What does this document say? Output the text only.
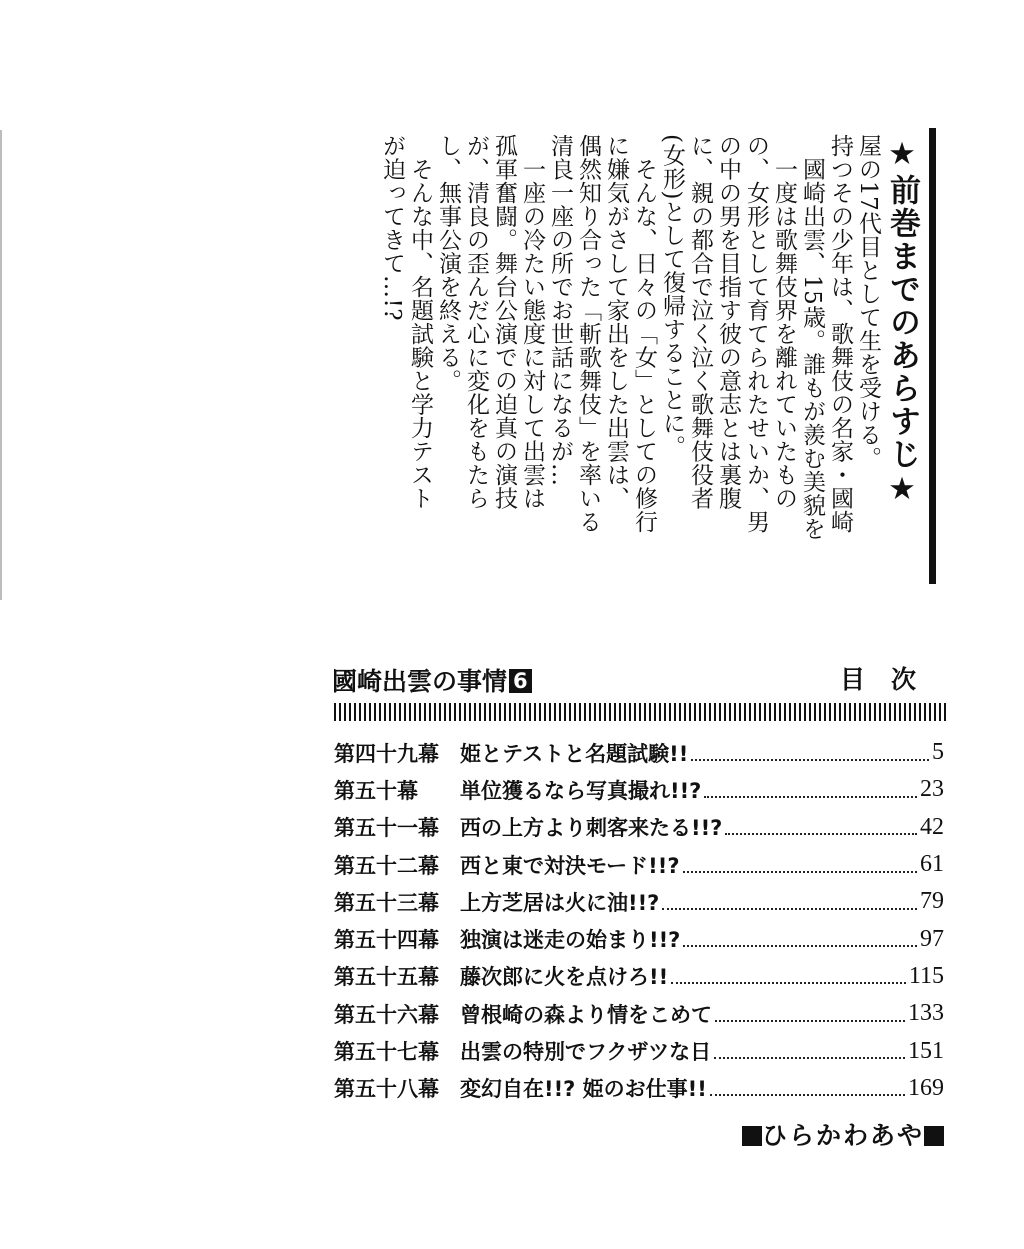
屋の17代目として生を受ける。
持つその少年は、歌舞伎の名家・國崎
　國崎出雲、15歳。誰もが羨む美貌を
　一度は歌舞伎界を離れていたもの
の、女形として育てられたせいか、男
の中の男を目指す彼の意志とは裏腹
に、親の都合で泣く泣く歌舞伎役者
(女形)として復帰することに。
　そんな、日々の「女」としての修行
に嫌気がさして家出をした出雲は、
偶然知り合った「斬歌舞伎」を率いる
清良一座の所でお世話になるが…
　一座の冷たい態度に対して出雲は
孤軍奮闘。舞台公演での迫真の演技
が、清良の歪んだ心に変化をもたら
し、無事公演を終える。
　そんな中、名題試験と学力テスト
が迫ってきて…!?	★前巻までのあらすじ★
國崎出雲の事情 6	目次
第四十九幕	姫とテストと名題試験!!	5
第五十幕	単位獲るなら写真撮れ!!?	23
第五十一幕	西の上方より刺客来たる!!?	42
第五十二幕	西と東で対決モード!!?	61
第五十三幕	上方芝居は火に油!!?	79
第五十四幕	独演は迷走の始まり!!?	97
第五十五幕	藤次郎に火を点けろ!!	115
第五十六幕	曾根崎の森より情をこめて	133
第五十七幕	出雲の特別でフクザツな日	151
第五十八幕	変幻自在!!? 姫のお仕事!!	169
ひらかわあや
